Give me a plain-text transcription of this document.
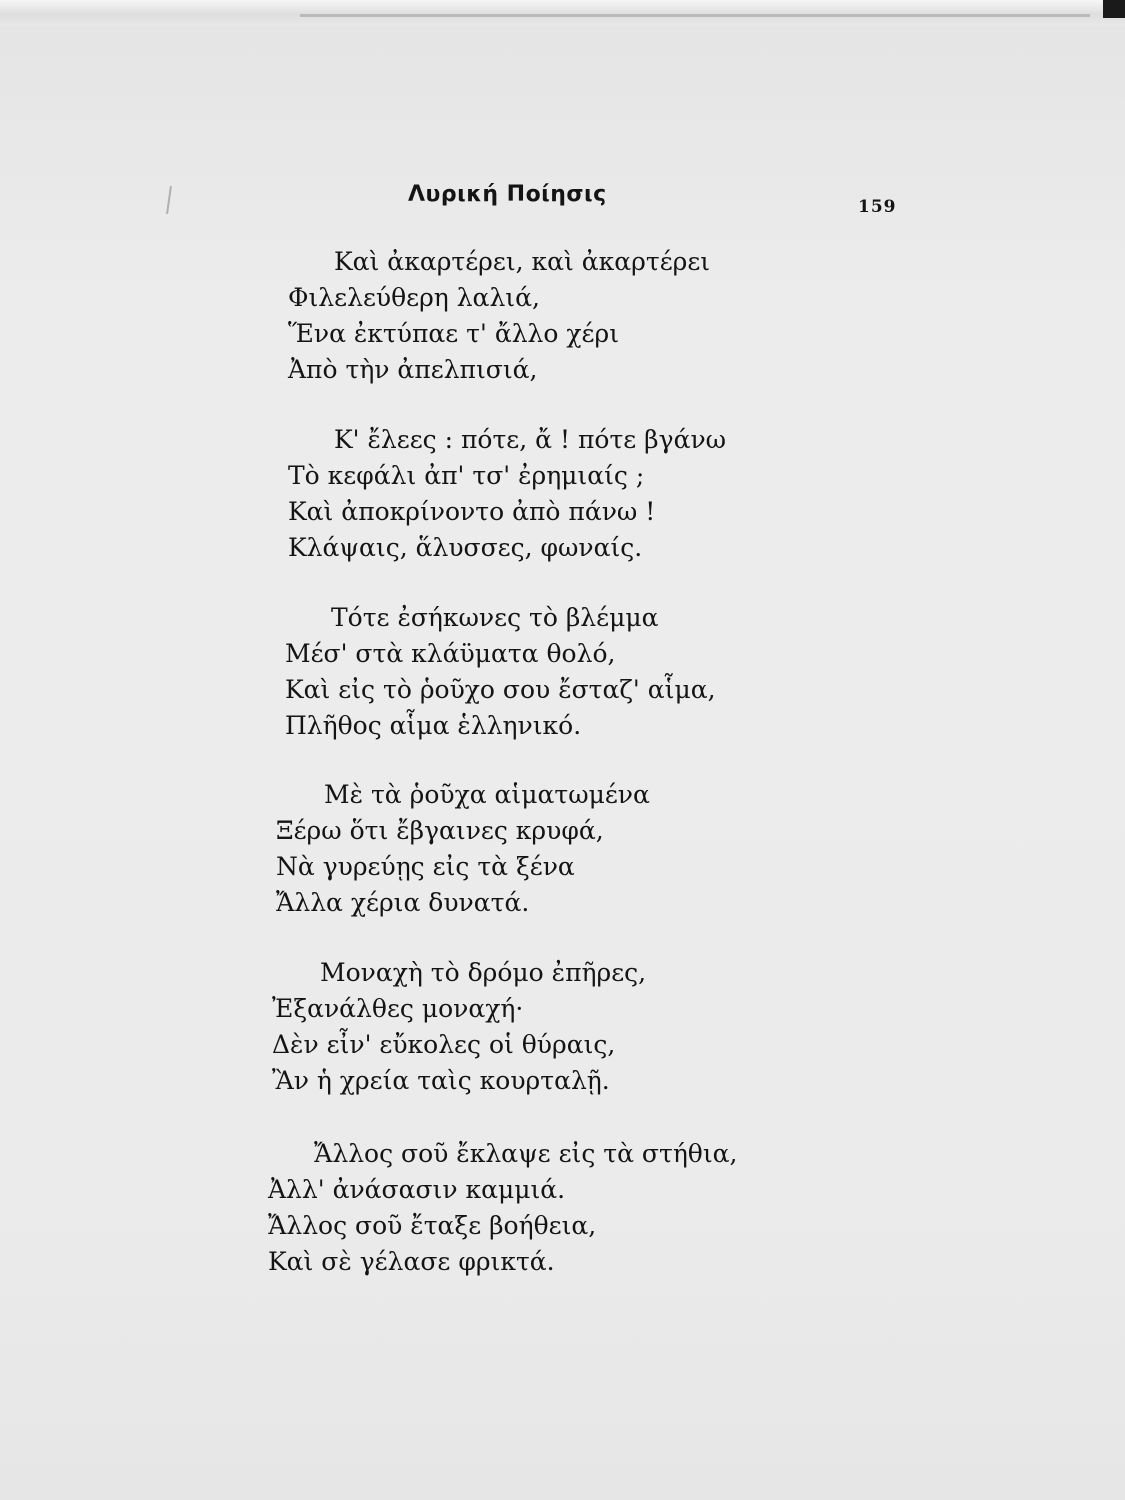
Λυρική Ποίησις	159
Καὶ ἀκαρτέρει, καὶ ἀκαρτέρει
Φιλελεύθερη λαλιά,
Ἕνα ἐκτύπαε τ' ἄλλο χέρι
Ἀπὸ τὴν ἀπελπισιά,
Κ' ἔλεες : πότε, ἄ ! πότε βγάνω
Τὸ κεφάλι ἀπ' τσ' ἐρημιαίς ;
Καὶ ἀποκρίνοντο ἀπὸ πάνω !
Κλάψαις, ἅλυσσες, φωναίς.
Τότε ἐσήκωνες τὸ βλέμμα
Μέσ' στὰ κλάϋματα θολό,
Καὶ εἰς τὸ ῥοῦχο σου ἔσταζ' αἷμα,
Πλῆθος αἷμα ἑλληνικό.
Μὲ τὰ ῥοῦχα αἱματωμένα
Ξέρω ὅτι ἔβγαινες κρυφά,
Νὰ γυρεύῃς εἰς τὰ ξένα
Ἄλλα χέρια δυνατά.
Μοναχὴ τὸ δρόμο ἐπῆρες,
Ἐξανάλθες μοναχή·
Δὲν εἶν' εὔκολες οἱ θύραις,
Ἂν ἡ χρεία ταὶς κουρταλῇ.
Ἄλλος σοῦ ἔκλαψε εἰς τὰ στήθια,
Ἀλλ' ἀνάσασιν καμμιά.
Ἄλλος σοῦ ἔταξε βοήθεια,
Καὶ σὲ γέλασε φρικτά.
